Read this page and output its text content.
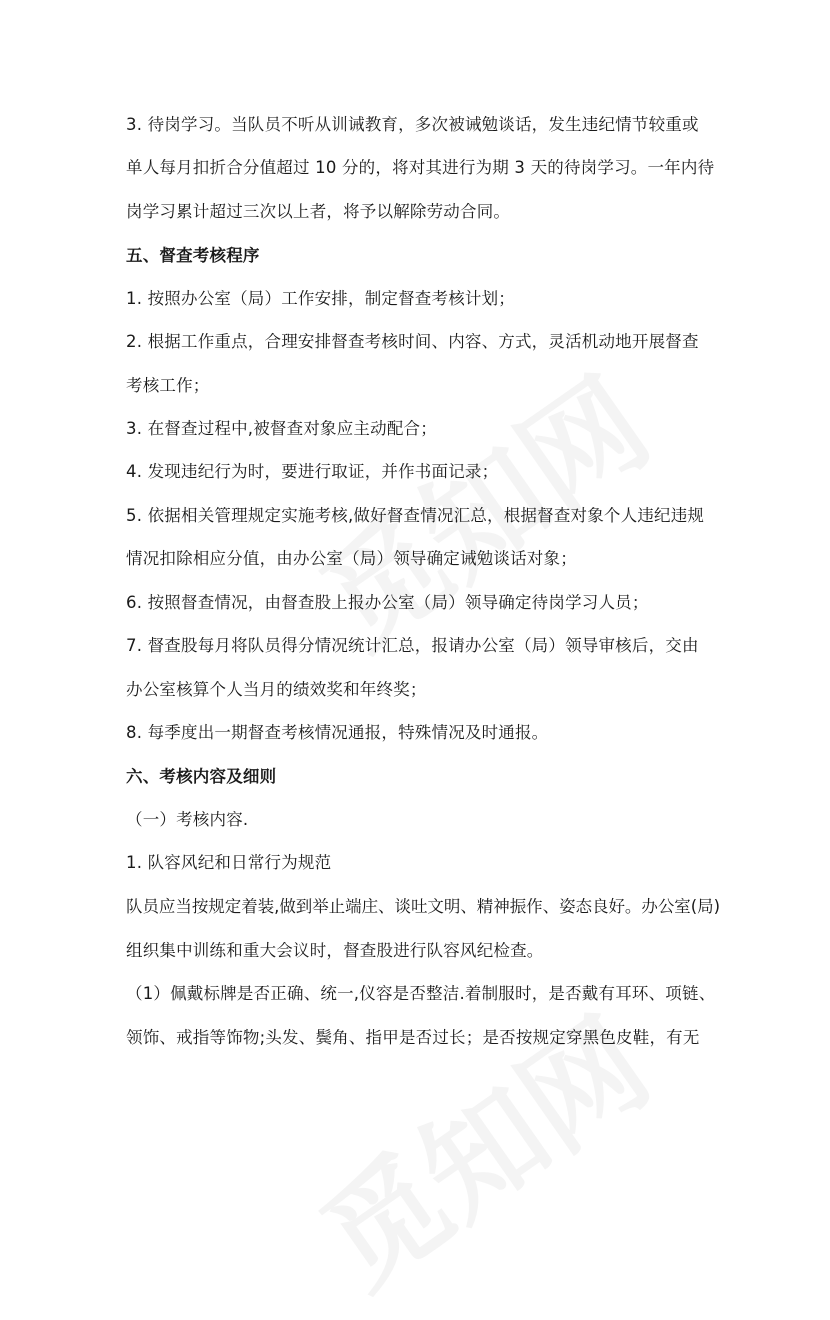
3. 待岗学习。当队员不听从训诫教育，多次被诫勉谈话，发生违纪情节较重或
单人每月扣折合分值超过 10 分的，将对其进行为期 3 天的待岗学习。一年内待
岗学习累计超过三次以上者，将予以解除劳动合同。
五、督查考核程序
1. 按照办公室（局）工作安排，制定督查考核计划；
2. 根据工作重点，合理安排督查考核时间、内容、方式，灵活机动地开展督查
考核工作；
3. 在督查过程中,被督查对象应主动配合；
4. 发现违纪行为时，要进行取证，并作书面记录；
5. 依据相关管理规定实施考核,做好督查情况汇总，根据督查对象个人违纪违规
情况扣除相应分值，由办公室（局）领导确定诫勉谈话对象；
6. 按照督查情况，由督查股上报办公室（局）领导确定待岗学习人员；
7. 督查股每月将队员得分情况统计汇总，报请办公室（局）领导审核后，交由
办公室核算个人当月的绩效奖和年终奖；
8. 每季度出一期督查考核情况通报，特殊情况及时通报。
六、考核内容及细则
（一）考核内容.
1. 队容风纪和日常行为规范
队员应当按规定着装,做到举止端庄、谈吐文明、精神振作、姿态良好。办公室(局)
组织集中训练和重大会议时，督查股进行队容风纪检查。
（1）佩戴标牌是否正确、统一,仪容是否整洁.着制服时，是否戴有耳环、项链、
领饰、戒指等饰物;头发、鬓角、指甲是否过长；是否按规定穿黑色皮鞋，有无
